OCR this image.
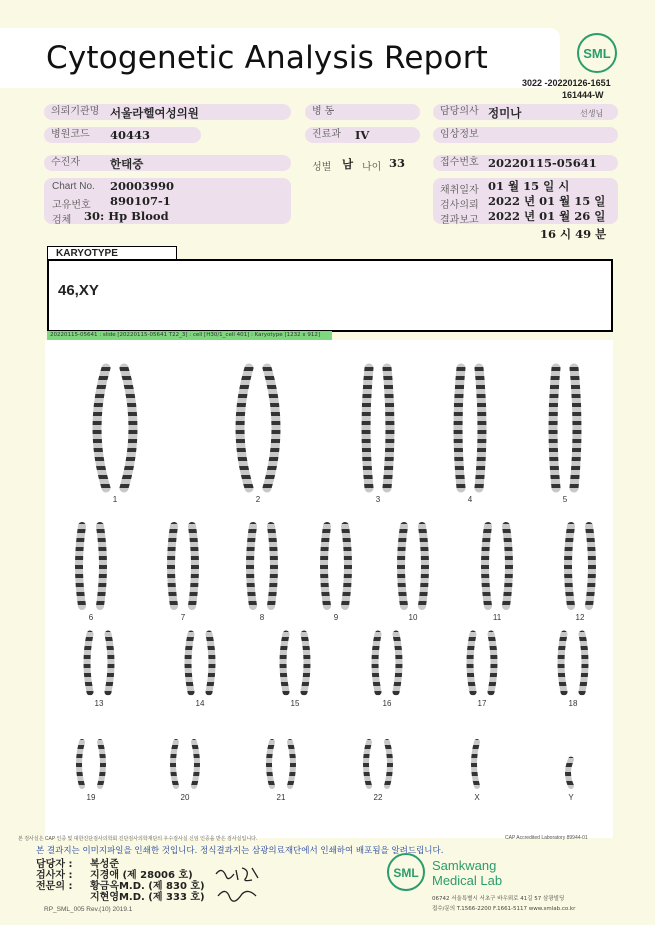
Cytogenetic Analysis Report	SML
3022 -20220126-1651
161444-W
의뢰기관명 서울라헬여성의원
병원코드	40443
수진자	한태중
Chart No. 20003990
고유번호 890107-1
검체 30: Hp Blood
병 동
진료과	IV
성별 남 나이 33
담당의사 정미나	선생님
임상정보
접수번호 20220115-05641
채취일자 01 월 15 일 시
검사의뢰 2022 년 01 월 15 일
결과보고 2022 년 01 월 26 일
16 시 49 분
KARYOTYPE
46,XY
20220115-05641 : slide [20220115-05641 T22_3] : cell [H30/1_cell 401] : Karyotype [1232 x 912]
1	2	3	4	5
6	7	8	9	10	11	12
13	14	15	16	17	18
19	20	21	22	X	Y
본 검사실은 CAP 인증 및 대한진단검사의학회 진단검사의학재단의 우수검사실 신임 인증을 받은 검사실입니다.	CAP Accredited Laboratory 89944-01
본 결과지는 이미지파일을 인쇄한 것입니다. 정식결과지는 삼광의료재단에서 인쇄하여 배포됨을 알려드립니다.
담당자 : 복성준
검사자 : 지경애 (제 28006 호)
전문의 : 황금옥M.D. (제 830 호)
지현영M.D. (제 333 호)
SML Samkwang
Medical Lab
06742 서울특별시 서초구 바우뫼로 41길 57 삼광빌딩
접수/문의 T.1566-2200 F.1661-5117 www.smlab.co.kr
RP_SML_005 Rev.(10) 2019.1
